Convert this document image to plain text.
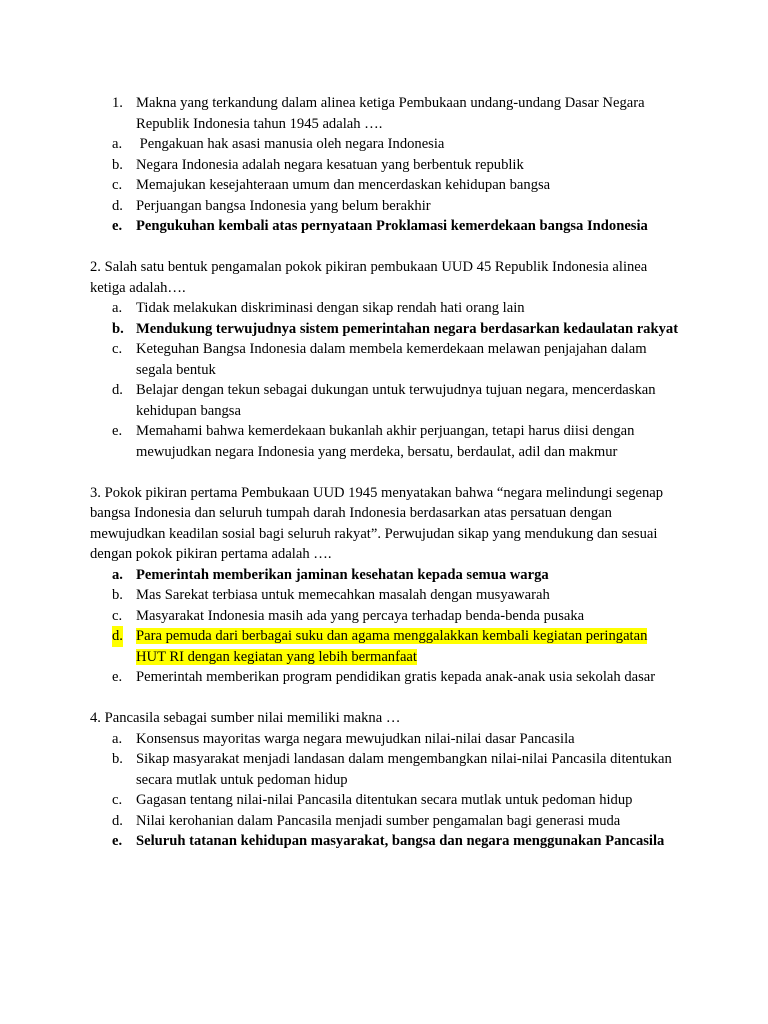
1. Makna yang terkandung dalam alinea ketiga Pembukaan undang-undang Dasar Negara Republik Indonesia tahun 1945 adalah ….
a. Pengakuan hak asasi manusia oleh negara Indonesia
b. Negara Indonesia adalah negara kesatuan yang berbentuk republik
c. Memajukan kesejahteraan umum dan mencerdaskan kehidupan bangsa
d. Perjuangan bangsa Indonesia yang belum berakhir
e. Pengukuhan kembali atas pernyataan Proklamasi kemerdekaan bangsa Indonesia
2. Salah satu bentuk pengamalan pokok pikiran pembukaan UUD 45 Republik Indonesia alinea ketiga adalah….
a. Tidak melakukan diskriminasi dengan sikap rendah hati orang lain
b. Mendukung terwujudnya sistem pemerintahan negara berdasarkan kedaulatan rakyat
c. Keteguhan Bangsa Indonesia dalam membela kemerdekaan melawan penjajahan dalam segala bentuk
d. Belajar dengan tekun sebagai dukungan untuk terwujudnya tujuan negara, mencerdaskan kehidupan bangsa
e. Memahami bahwa kemerdekaan bukanlah akhir perjuangan, tetapi harus diisi dengan mewujudkan negara Indonesia yang merdeka, bersatu, berdaulat, adil dan makmur
3. Pokok pikiran pertama Pembukaan UUD 1945 menyatakan bahwa “negara melindungi segenap bangsa Indonesia dan seluruh tumpah darah Indonesia berdasarkan atas persatuan dengan mewujudkan keadilan sosial bagi seluruh rakyat”. Perwujudan sikap yang mendukung dan sesuai dengan pokok pikiran pertama adalah ….
a. Pemerintah memberikan jaminan kesehatan kepada semua warga
b. Mas Sarekat terbiasa untuk memecahkan masalah dengan musyawarah
c. Masyarakat Indonesia masih ada yang percaya terhadap benda-benda pusaka
d. Para pemuda dari berbagai suku dan agama menggalakkan kembali kegiatan peringatan HUT RI dengan kegiatan yang lebih bermanfaat
e. Pemerintah memberikan program pendidikan gratis kepada anak-anak usia sekolah dasar
4. Pancasila sebagai sumber nilai memiliki makna …
a. Konsensus mayoritas warga negara mewujudkan nilai-nilai dasar Pancasila
b. Sikap masyarakat menjadi landasan dalam mengembangkan nilai-nilai Pancasila ditentukan secara mutlak untuk pedoman hidup
c. Gagasan tentang nilai-nilai Pancasila ditentukan secara mutlak untuk pedoman hidup
d. Nilai kerohanian dalam Pancasila menjadi sumber pengamalan bagi generasi muda
e. Seluruh tatanan kehidupan masyarakat, bangsa dan negara menggunakan Pancasila
